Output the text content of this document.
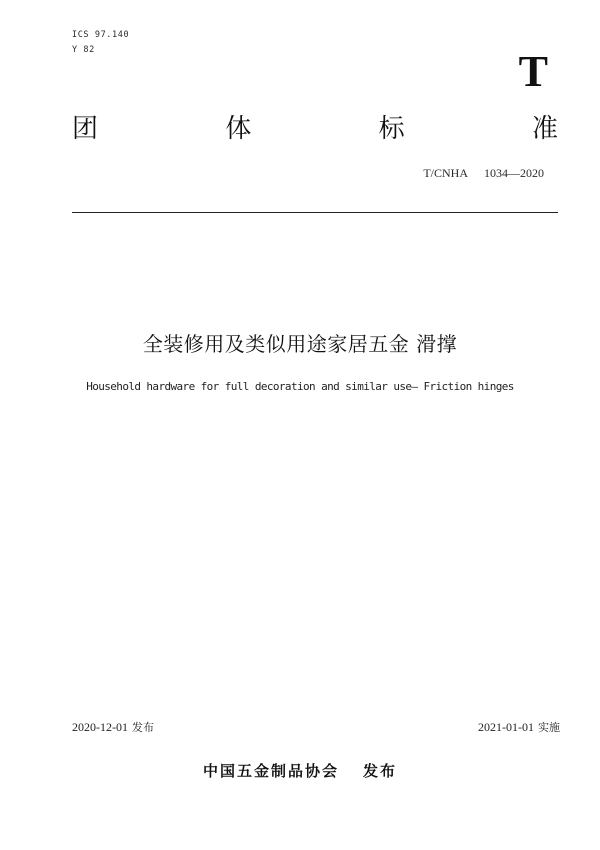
ICS 97.140
Y 82	T
团	体	标	准
T/CNHA 1034—2020
全装修用及类似用途家居五金 滑撑
Household hardware for full decoration and similar use— Friction hinges
2020-12-01 发布	2021-01-01 实施
中国五金制品协会 发布
